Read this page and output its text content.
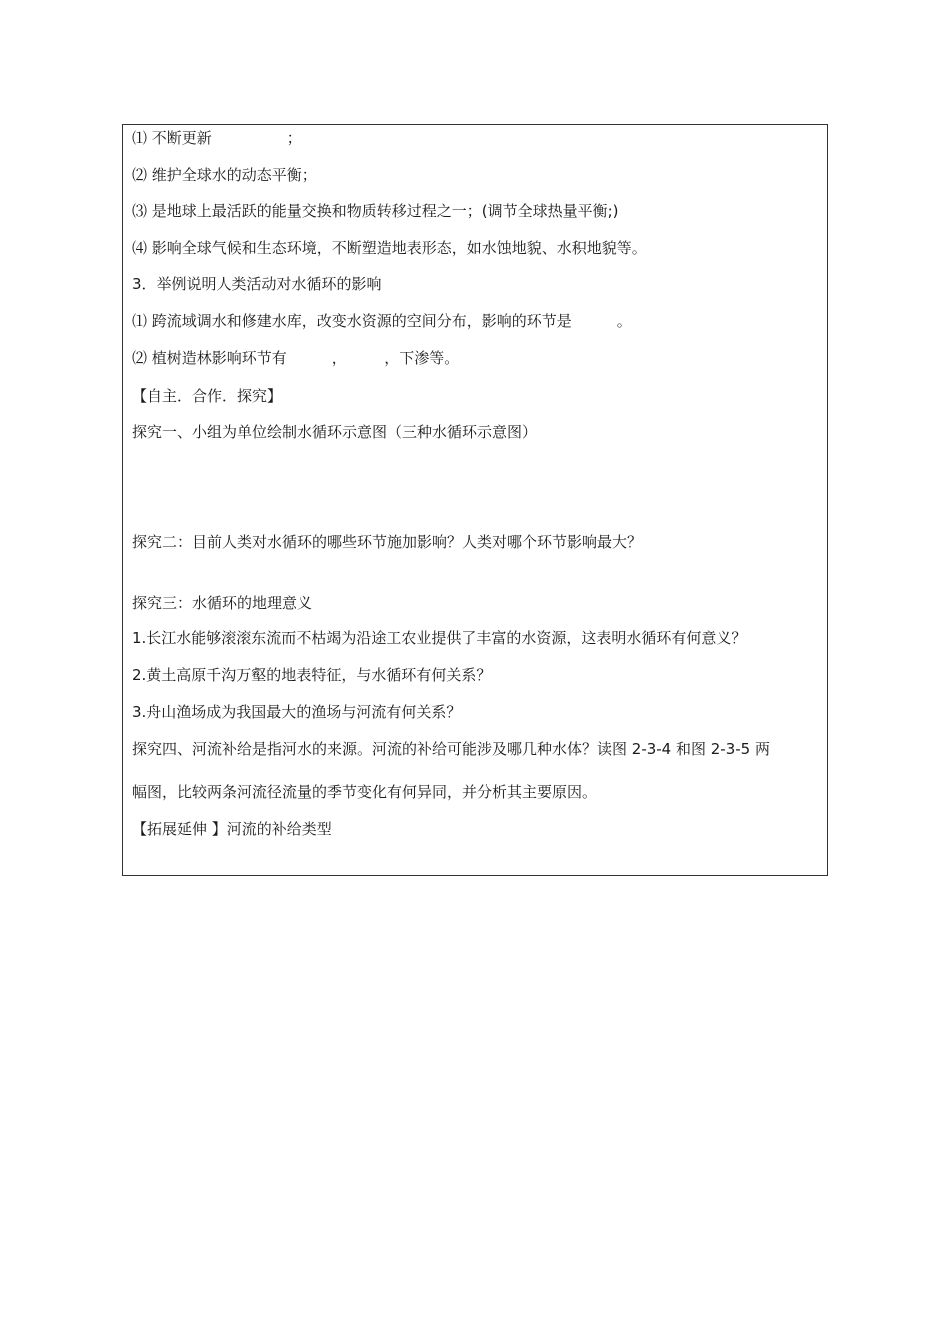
⑴ 不断更新　　　　　；
⑵ 维护全球水的动态平衡；
⑶ 是地球上最活跃的能量交换和物质转移过程之一；(调节全球热量平衡;)
⑷ 影响全球气候和生态环境，不断塑造地表形态，如水蚀地貌、水积地貌等。
3．举例说明人类活动对水循环的影响
⑴ 跨流域调水和修建水库，改变水资源的空间分布，影响的环节是　　　。
⑵ 植树造林影响环节有　　　，　　　，下渗等。
【自主．合作．探究】
探究一、小组为单位绘制水循环示意图（三种水循环示意图）
探究二：目前人类对水循环的哪些环节施加影响？人类对哪个环节影响最大？
探究三：水循环的地理意义
1.长江水能够滚滚东流而不枯竭为沿途工农业提供了丰富的水资源，这表明水循环有何意义？
2.黄土高原千沟万壑的地表特征，与水循环有何关系？
3.舟山渔场成为我国最大的渔场与河流有何关系？
探究四、河流补给是指河水的来源。河流的补给可能涉及哪几种水体？读图 2-3-4 和图 2-3-5 两
幅图，比较两条河流径流量的季节变化有何异同，并分析其主要原因。
【拓展延伸 】河流的补给类型
